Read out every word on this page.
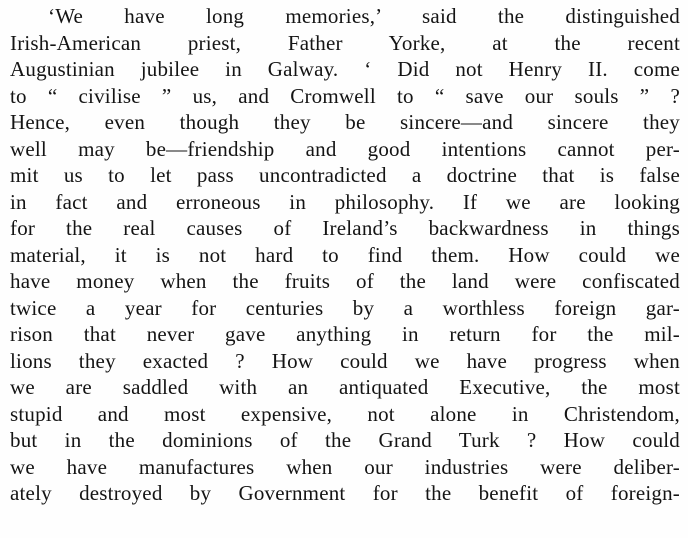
‘We have long memories,’ said the distinguished
Irish-American priest, Father Yorke, at the recent
Augustinian jubilee in Galway. ‘ Did not Henry II. come
to “ civilise ” us, and Cromwell to “ save our souls ” ?
Hence, even though they be sincere—and sincere they
well may be—friendship and good intentions cannot per-
mit us to let pass uncontradicted a doctrine that is false
in fact and erroneous in philosophy. If we are looking
for the real causes of Ireland’s backwardness in things
material, it is not hard to find them. How could we
have money when the fruits of the land were confiscated
twice a year for centuries by a worthless foreign gar-
rison that never gave anything in return for the mil-
lions they exacted ? How could we have progress when
we are saddled with an antiquated Executive, the most
stupid and most expensive, not alone in Christendom,
but in the dominions of the Grand Turk ? How could
we have manufactures when our industries were deliber-
ately destroyed by Government for the benefit of foreign-
